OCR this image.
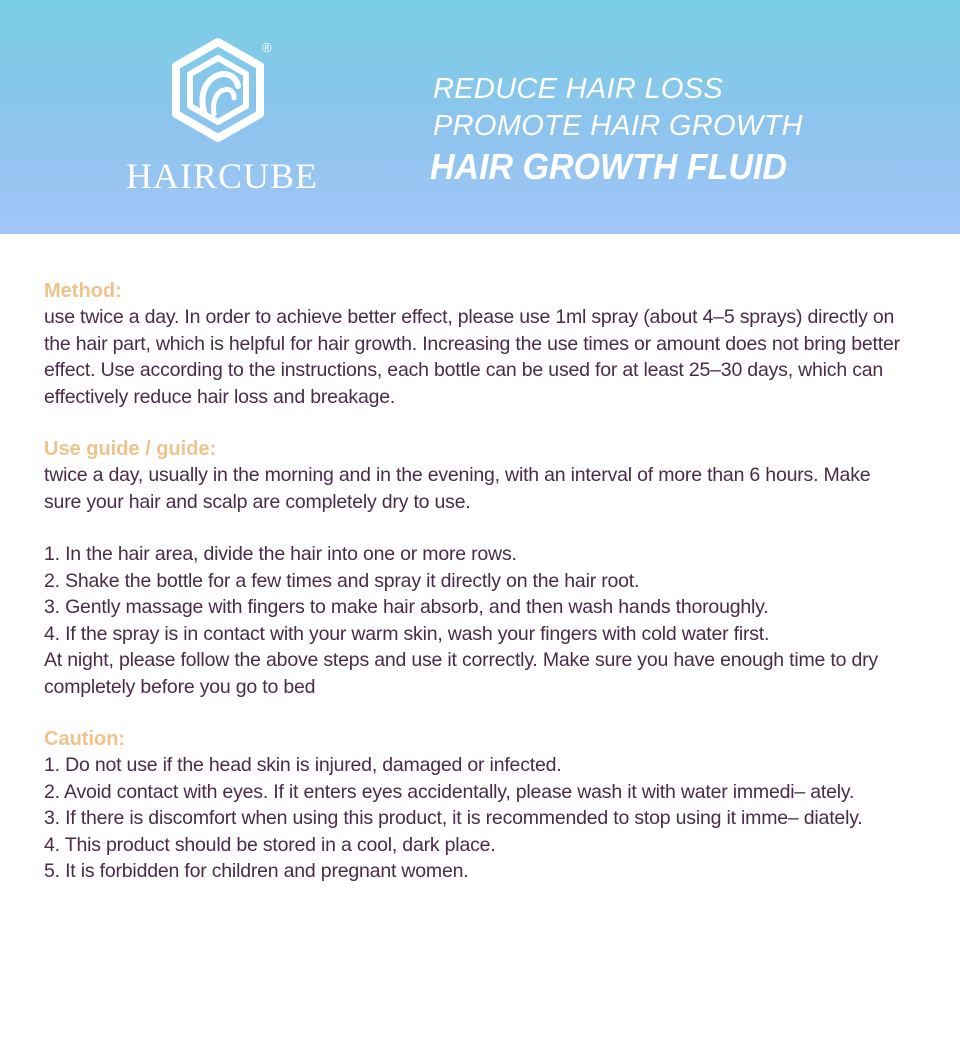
®
HAIRCUBE
REDUCE HAIR LOSS
PROMOTE HAIR GROWTH
HAIR GROWTH FLUID

Method:

use twice a day. In order to achieve better effect, please use 1ml spray (about 4–5 sprays) directly on the hair part, which is helpful for hair growth. Increasing the use times or amount does not bring better effect. Use according to the instructions, each bottle can be used for at least 25–30 days, which can effectively reduce hair loss and breakage.

Use guide / guide:

twice a day, usually in the morning and in the evening, with an interval of more than 6 hours. Make sure your hair and scalp are completely dry to use.

1. In the hair area, divide the hair into one or more rows.

2. Shake the bottle for a few times and spray it directly on the hair root.

3. Gently massage with fingers to make hair absorb, and then wash hands thoroughly.

4. If the spray is in contact with your warm skin, wash your fingers with cold water first.

At night, please follow the above steps and use it correctly. Make sure you have enough time to dry completely before you go to bed

Caution:

1. Do not use if the head skin is injured, damaged or infected.

2. Avoid contact with eyes. If it enters eyes accidentally, please wash it with water immedi– ately.

3. If there is discomfort when using this product, it is recommended to stop using it imme– diately.

4. This product should be stored in a cool, dark place.

5. It is forbidden for children and pregnant women.
